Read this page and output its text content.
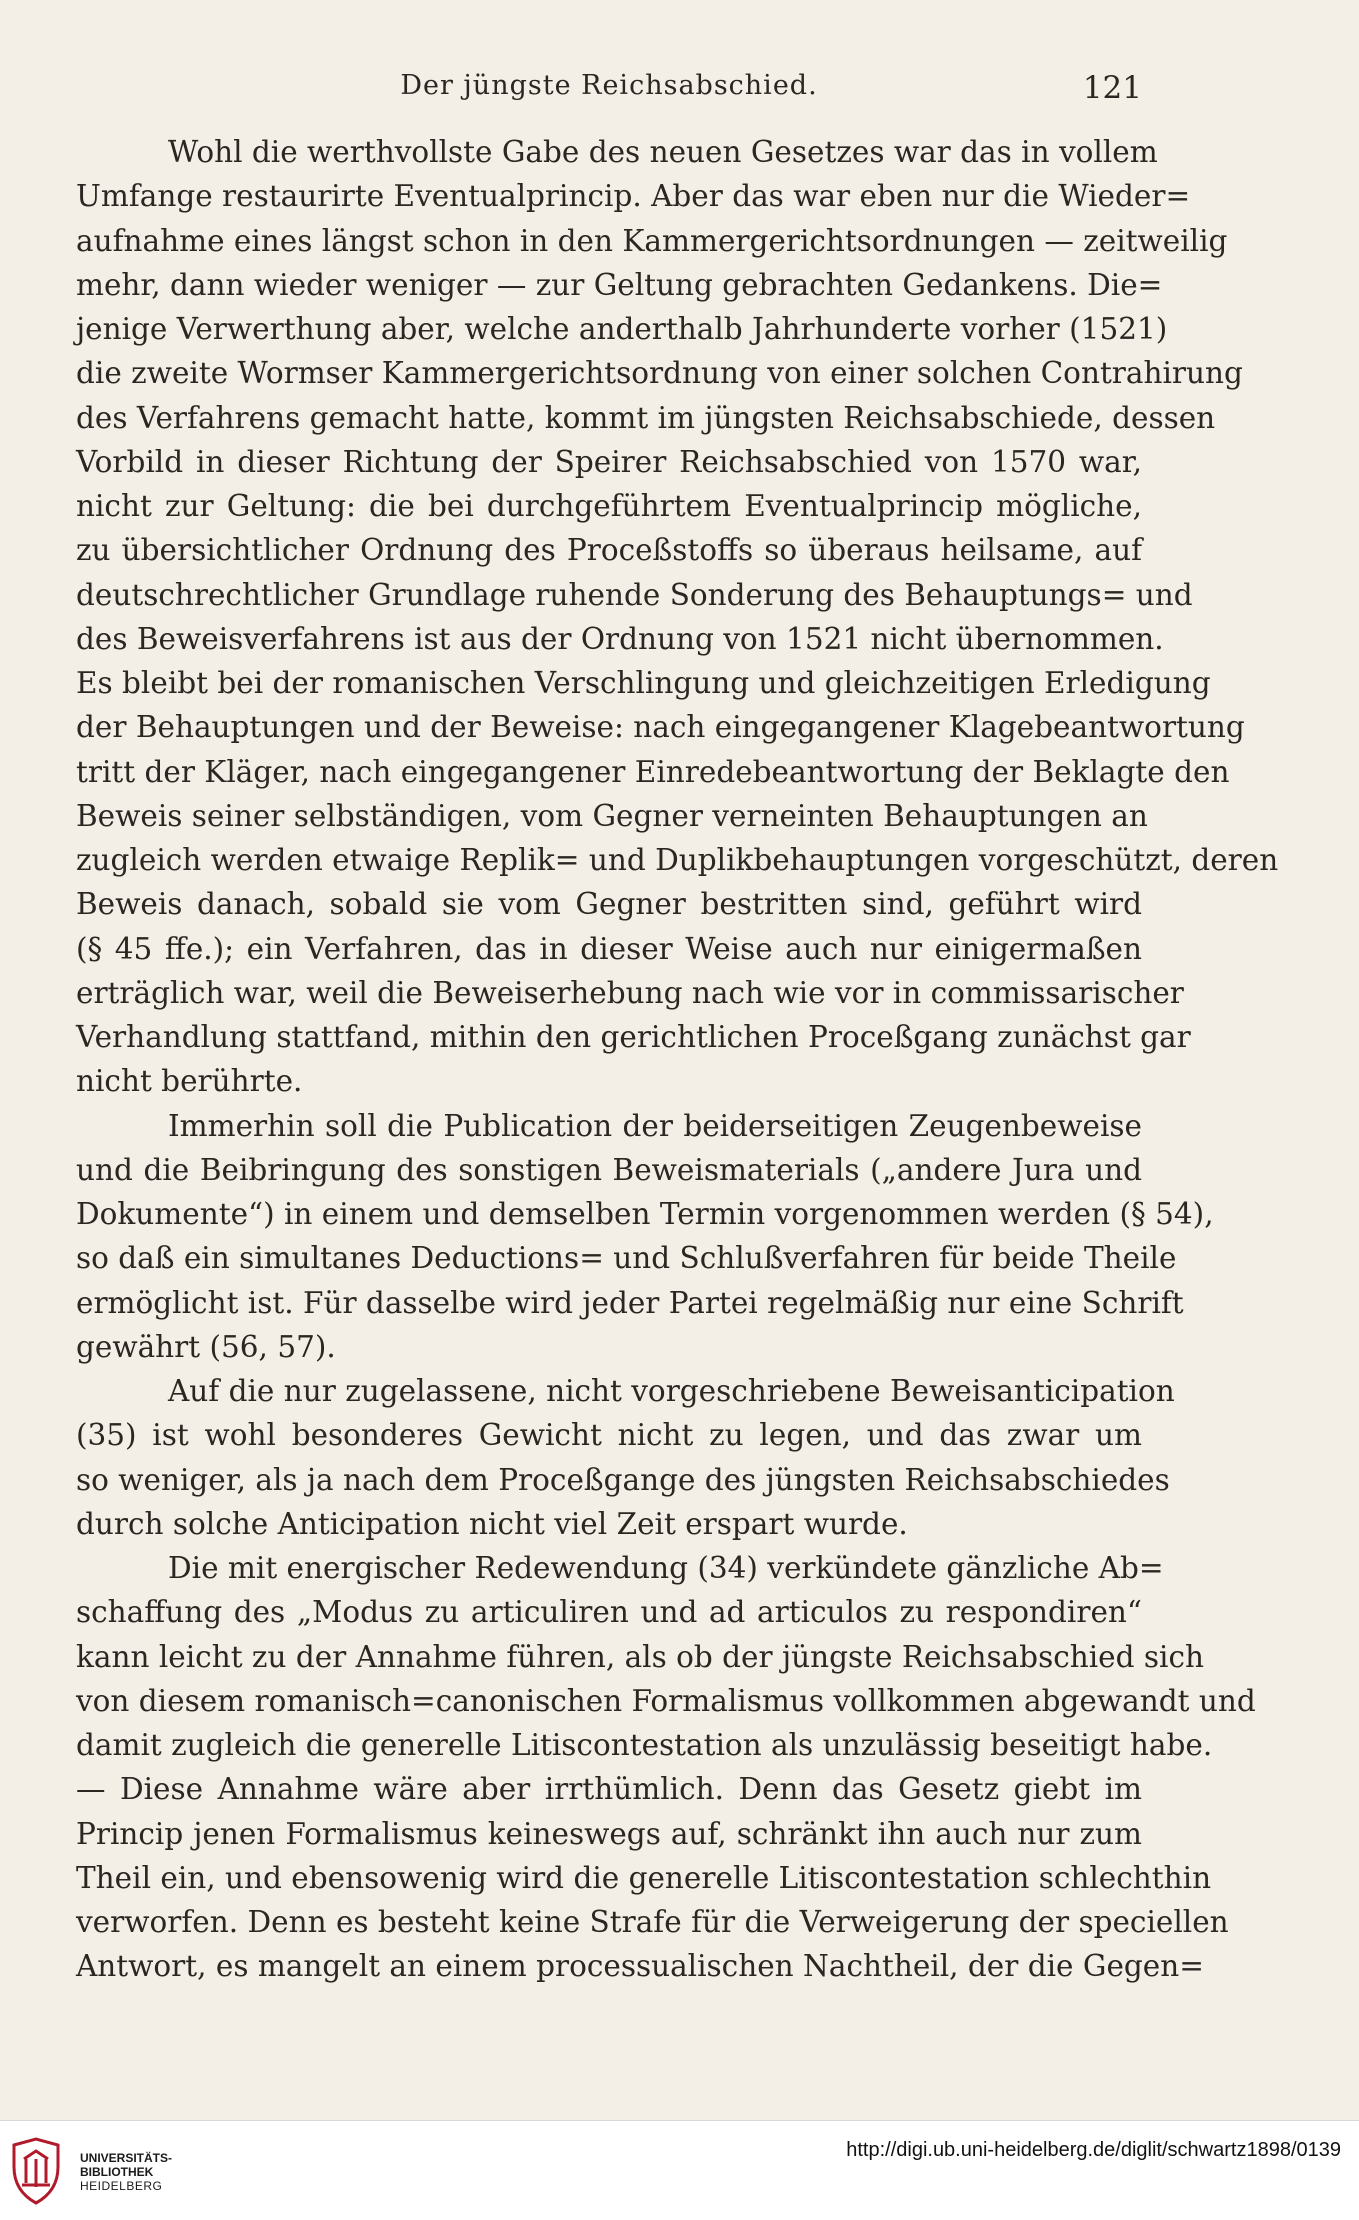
Der jüngste Reichsabschied.	121
Wohl die werthvollste Gabe des neuen Gesetzes war das in vollem
Umfange restaurirte Eventualprincip. Aber das war eben nur die Wieder=
aufnahme eines längst schon in den Kammergerichtsordnungen — zeitweilig
mehr, dann wieder weniger — zur Geltung gebrachten Gedankens. Die=
jenige Verwerthung aber, welche anderthalb Jahrhunderte vorher (1521)
die zweite Wormser Kammergerichtsordnung von einer solchen Contrahirung
des Verfahrens gemacht hatte, kommt im jüngsten Reichsabschiede, dessen
Vorbild in dieser Richtung der Speirer Reichsabschied von 1570 war,
nicht zur Geltung: die bei durchgeführtem Eventualprincip mögliche,
zu übersichtlicher Ordnung des Proceßstoffs so überaus heilsame, auf
deutschrechtlicher Grundlage ruhende Sonderung des Behauptungs= und
des Beweisverfahrens ist aus der Ordnung von 1521 nicht übernommen.
Es bleibt bei der romanischen Verschlingung und gleichzeitigen Erledigung
der Behauptungen und der Beweise: nach eingegangener Klagebeantwortung
tritt der Kläger, nach eingegangener Einredebeantwortung der Beklagte den
Beweis seiner selbständigen, vom Gegner verneinten Behauptungen an
zugleich werden etwaige Replik= und Duplikbehauptungen vorgeschützt, deren
Beweis danach, sobald sie vom Gegner bestritten sind, geführt wird
(§ 45 ffe.); ein Verfahren, das in dieser Weise auch nur einigermaßen
erträglich war, weil die Beweiserhebung nach wie vor in commissarischer
Verhandlung stattfand, mithin den gerichtlichen Proceßgang zunächst gar
nicht berührte.
Immerhin soll die Publication der beiderseitigen Zeugenbeweise
und die Beibringung des sonstigen Beweismaterials („andere Jura und
Dokumente“) in einem und demselben Termin vorgenommen werden (§ 54),
so daß ein simultanes Deductions= und Schlußverfahren für beide Theile
ermöglicht ist. Für dasselbe wird jeder Partei regelmäßig nur eine Schrift
gewährt (56, 57).
Auf die nur zugelassene, nicht vorgeschriebene Beweisanticipation
(35) ist wohl besonderes Gewicht nicht zu legen, und das zwar um
so weniger, als ja nach dem Proceßgange des jüngsten Reichsabschiedes
durch solche Anticipation nicht viel Zeit erspart wurde.
Die mit energischer Redewendung (34) verkündete gänzliche Ab=
schaffung des „Modus zu articuliren und ad articulos zu respondiren“
kann leicht zu der Annahme führen, als ob der jüngste Reichsabschied sich
von diesem romanisch=canonischen Formalismus vollkommen abgewandt und
damit zugleich die generelle Litiscontestation als unzulässig beseitigt habe.
— Diese Annahme wäre aber irrthümlich. Denn das Gesetz giebt im
Princip jenen Formalismus keineswegs auf, schränkt ihn auch nur zum
Theil ein, und ebensowenig wird die generelle Litiscontestation schlechthin
verworfen. Denn es besteht keine Strafe für die Verweigerung der speciellen
Antwort, es mangelt an einem processualischen Nachtheil, der die Gegen=
UNIVERSITÄTS-
BIBLIOTHEK
HEIDELBERG
http://digi.ub.uni-heidelberg.de/diglit/schwartz1898/0139
